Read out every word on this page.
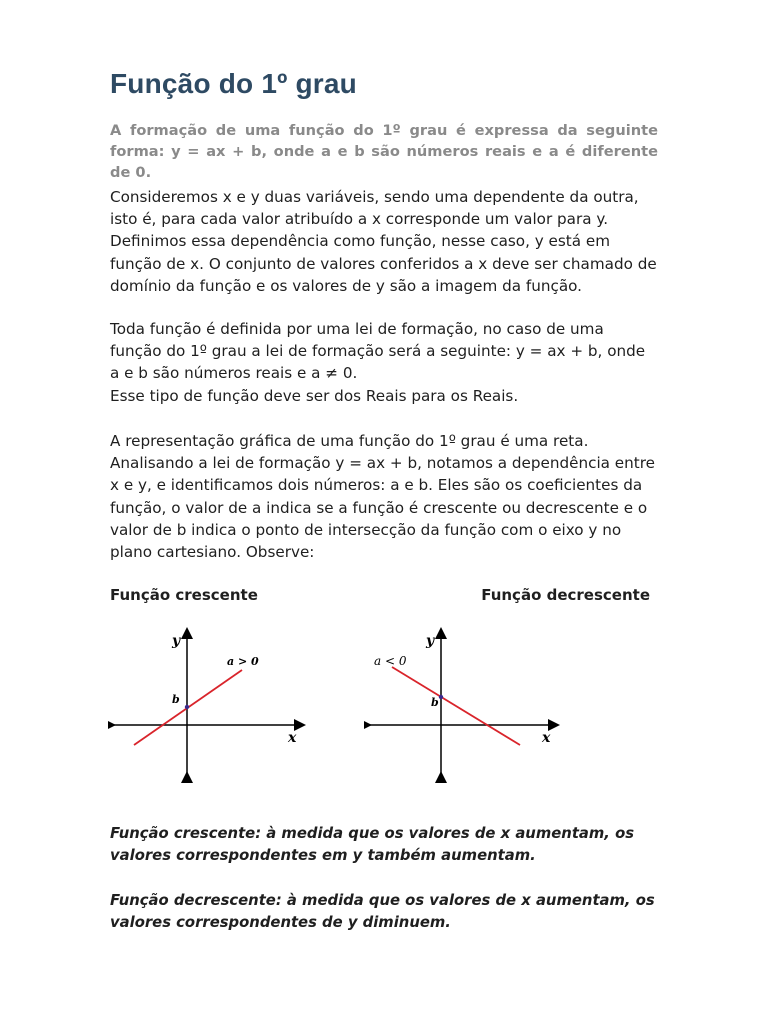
Função do 1º grau

A formação de uma função do 1º grau é expressa da seguinte forma: y = ax + b, onde a e b são números reais e a é diferente de 0.

Consideremos x e y duas variáveis, sendo uma dependente da outra, isto é, para cada valor atribuído a x corresponde um valor para y. Definimos essa dependência como função, nesse caso, y está em função de x. O conjunto de valores conferidos a x deve ser chamado de domínio da função e os valores de y são a imagem da função.

Toda função é definida por uma lei de formação, no caso de uma função do 1º grau a lei de formação será a seguinte: y = ax + b, onde a e b são números reais e a ≠ 0.
Esse tipo de função deve ser dos Reais para os Reais.

A representação gráfica de uma função do 1º grau é uma reta. Analisando a lei de formação y = ax + b, notamos a dependência entre x e y, e identificamos dois números: a e b. Eles são os coeficientes da função, o valor de a indica se a função é crescente ou decrescente e o valor de b indica o ponto de intersecção da função com o eixo y no plano cartesiano. Observe:

Função crescente	Função decrescente

y
x
b
a > 0
y
x
b
a < 0

Função crescente: à medida que os valores de x aumentam, os valores correspondentes em y também aumentam.

Função decrescente: à medida que os valores de x aumentam, os valores correspondentes de y diminuem.
